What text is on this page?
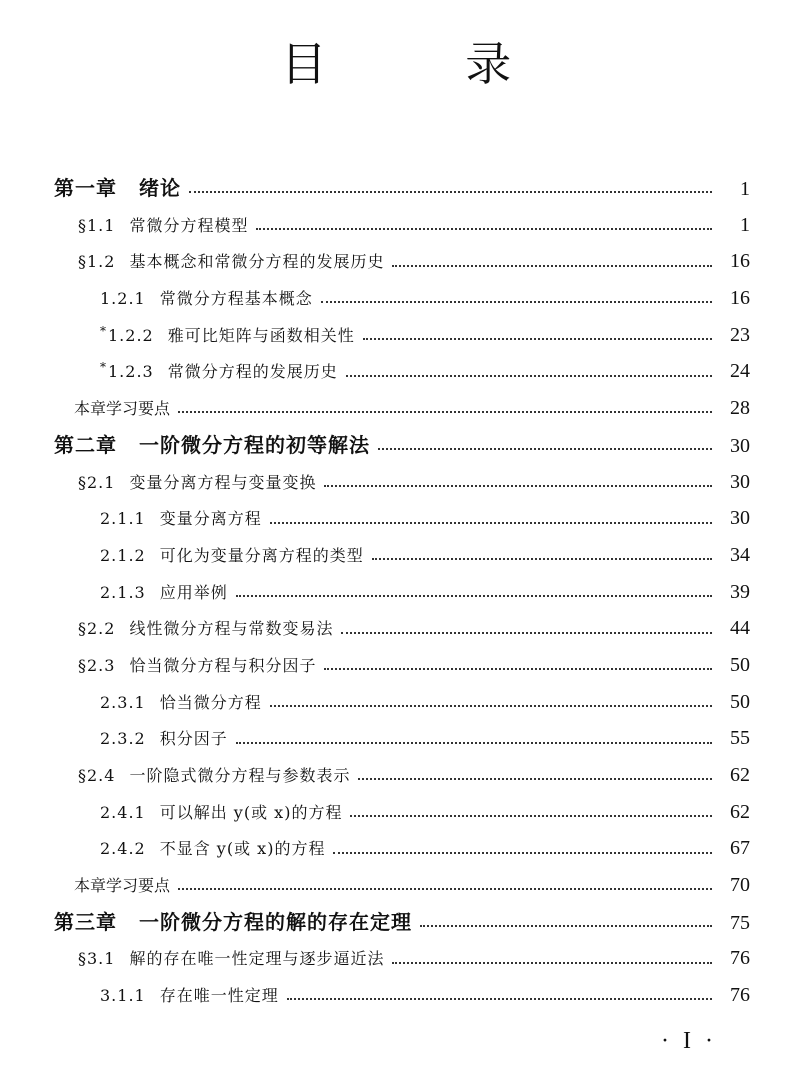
目 录
第一章 绪论	1
§1.1 常微分方程模型	1
§1.2 基本概念和常微分方程的发展历史	16
1.2.1 常微分方程基本概念	16
* 1.2.2 雅可比矩阵与函数相关性	23
* 1.2.3 常微分方程的发展历史	24
本章学习要点	28
第二章 一阶微分方程的初等解法	30
§2.1 变量分离方程与变量变换	30
2.1.1 变量分离方程	30
2.1.2 可化为变量分离方程的类型	34
2.1.3 应用举例	39
§2.2 线性微分方程与常数变易法	44
§2.3 恰当微分方程与积分因子	50
2.3.1 恰当微分方程	50
2.3.2 积分因子	55
§2.4 一阶隐式微分方程与参数表示	62
2.4.1 可以解出 y(或 x)的方程	62
2.4.2 不显含 y(或 x)的方程	67
本章学习要点	70
第三章 一阶微分方程的解的存在定理	75
§3.1 解的存在唯一性定理与逐步逼近法	76
3.1.1 存在唯一性定理	76
· I ·
